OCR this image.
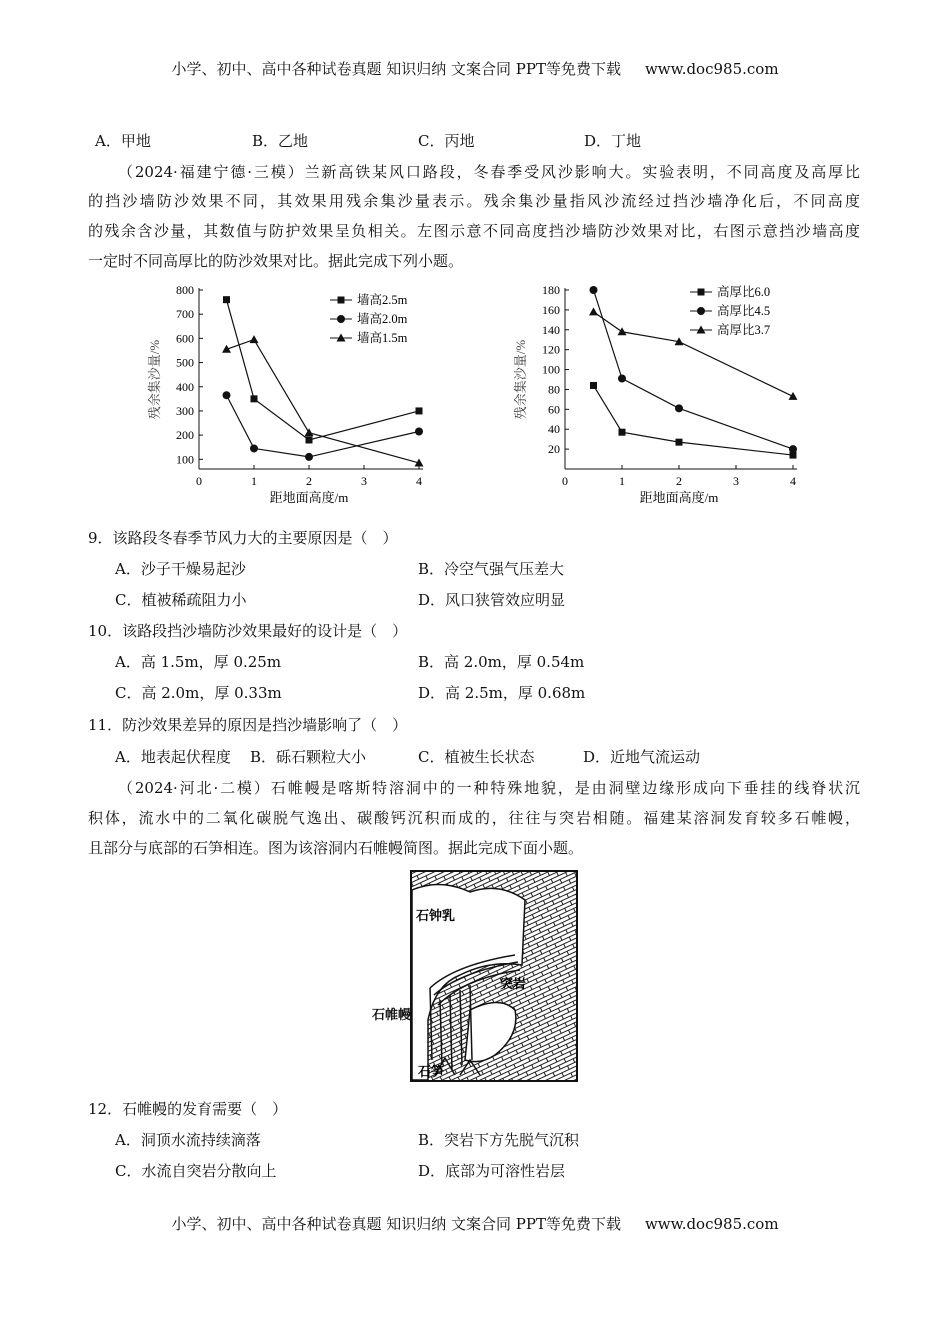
小学、初中、高中各种试卷真题 知识归纳 文案合同 PPT等免费下载 www.doc985.com
A．甲地	B．乙地	C．丙地	D．丁地
（2024·福建宁德·三模）兰新高铁某风口路段，冬春季受风沙影响大。实验表明，不同高度及高厚比
的挡沙墙防沙效果不同，其效果用残余集沙量表示。残余集沙量指风沙流经过挡沙墙净化后，不同高度
的残余含沙量，其数值与防护效果呈负相关。左图示意不同高度挡沙墙防沙效果对比，右图示意挡沙墙高度
一定时不同高厚比的防沙效果对比。据此完成下列小题。
0	1	2	3	4
100
200
300
400
500
600
700
800
距地面高度/m
残余集沙量/%
墙高2.5m
墙高2.0m
墙高1.5m
0	1	2	3	4
20
40
60
80
100
120
140
160
180
距地面高度/m
残余集沙量/%
高厚比6.0
高厚比4.5
高厚比3.7
9．该路段冬春季节风力大的主要原因是（　）
A．沙子干燥易起沙	B．冷空气强气压差大
C．植被稀疏阻力小	D．风口狭管效应明显
10．该路段挡沙墙防沙效果最好的设计是（　）
A．高 1.5m，厚 0.25m	B．高 2.0m，厚 0.54m
C．高 2.0m，厚 0.33m	D．高 2.5m，厚 0.68m
11．防沙效果差异的原因是挡沙墙影响了（　）
A．地表起伏程度 B．砾石颗粒大小	C．植被生长状态	D．近地气流运动
（2024·河北·二模）石帷幔是喀斯特溶洞中的一种特殊地貌，是由洞壁边缘形成向下垂挂的线脊状沉
积体，流水中的二氧化碳脱气逸出、碳酸钙沉积而成的，往往与突岩相随。福建某溶洞发育较多石帷幔，
且部分与底部的石笋相连。图为该溶洞内石帷幔简图。据此完成下面小题。
石钟乳
突岩
石笋
石帷幔
12．石帷幔的发育需要（　）
A．洞顶水流持续滴落	B．突岩下方先脱气沉积
C．水流自突岩分散向上	D．底部为可溶性岩层
小学、初中、高中各种试卷真题 知识归纳 文案合同 PPT等免费下载 www.doc985.com
